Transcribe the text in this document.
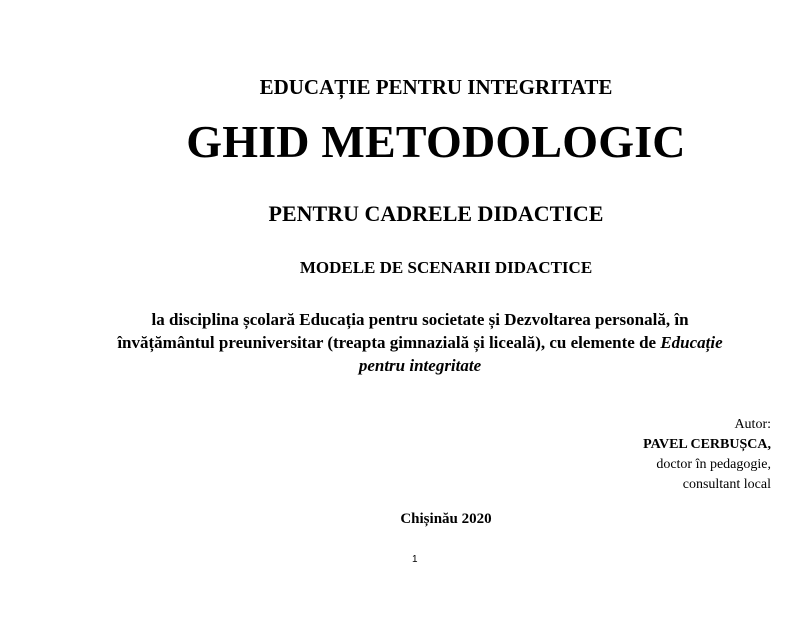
EDUCAȚIE PENTRU INTEGRITATE
GHID METODOLOGIC
PENTRU CADRELE DIDACTICE
MODELE DE SCENARII DIDACTICE
la disciplina școlară Educația pentru societate și Dezvoltarea personală, în
învățământul preuniversitar (treapta gimnazială și liceală), cu elemente de Educație
pentru integritate
Autor:
PAVEL CERBUȘCA,
doctor în pedagogie,
consultant local
Chișinău 2020
1
